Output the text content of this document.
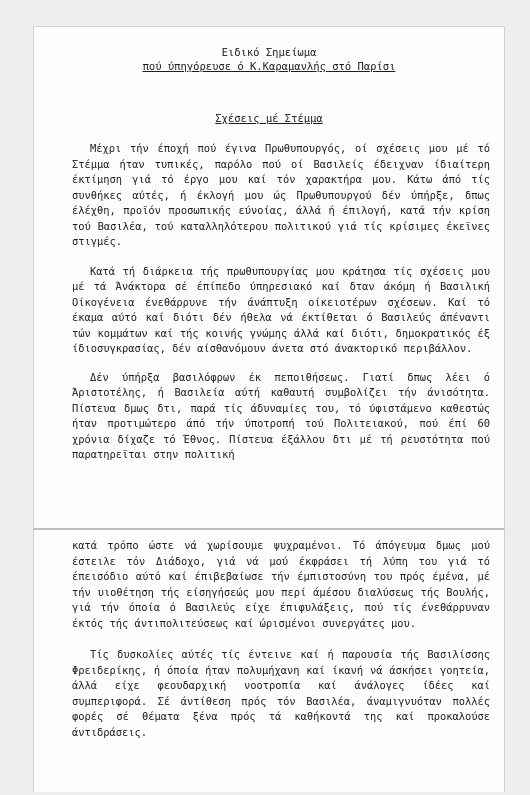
Ειδικό Σημείωμα

πού ύπηγόρευσε ό Κ.Καραμανλής στό Παρίσι

Σχέσεις μέ Στέμμα

Μέχρι τήν έποχή πού έγινα Πρωθυπουργός, οί σχέσεις μου μέ τό Στέμμα ήταν τυπικές, παρόλο πού οί Βασιλείς έδειχναν ίδιαίτερη έκτίμηση γιά τό έργο μου καί τόν χαρακτήρα μου. Κάτω άπό τίς συνθήκες αύτές, ή έκλογή μου ώς Πρωθυπουργού δέν ύπήρξε, δπως έλέχθη, προϊόν προσωπικής εύνοίας, άλλά ή έπιλογή, κατά τήν κρίση τού Βασιλέα, τού καταλληλότερου πολιτικού γιά τίς κρίσιμες έκεϊνες στιγμές.

Κατά τή διάρκεια τής πρωθυπουργίας μου κράτησα τίς σχέσεις μου μέ τά Άνάκτορα σέ έπίπεδο ύπηρεσιακό καί δταν άκόμη ή Βασιλική Οίκογένεια ένεθάρρυνε τήν άνάπτυξη οίκειοτέρων σχέσεων. Καί τό έκαμα αύτό καί διότι δέν ήθελα νά έκτίθεται ό Βασιλεύς άπέναντι τών κομμάτων καί τής κοινής γνώμης άλλά καί διότι, δημοκρατικός έξ ίδιοσυγκρασίας, δέν αίσθανόμουν άνετα στό άνακτορικό περιβάλλον.

Δέν ύπήρξα βασιλόφρων έκ πεποιθήσεως. Γιατί δπως λέει ό Άριστοτέλης, ή Βασιλεία αύτή καθαυτή συμβολίζει τήν άνισότητα. Πίστευα δμως δτι, παρά τίς άδυναμίες του, τό ύφιστάμενο καθεστώς ήταν προτιμώτερο άπό τήν ύποτροπή τού Πολιτειακού, πού έπί 60 χρόνια δίχαζε τό Έθνος. Πίστευα έξάλλου δτι μέ τή ρευστότητα πού παρατηρεϊται στην πολιτική

κατά τρόπο ώστε νά χωρίσουμε ψυχραμένοι. Τό άπόγευμα δμως μού έστειλε τόν Διάδοχο, γιά νά μού έκφράσει τή λύπη του γιά τό έπεισόδιο αύτό καί έπιβεβαίωσε τήν έμπιστοσύνη του πρός έμένα, μέ τήν υιοθέτηση τής είσηγήσεώς μου περί άμέσου διαλύσεως τής Βουλής, γιά τήν όποία ό Βασιλεύς είχε έπιφυλάξεις, πού τίς ένεθάρρυναν έκτός τής άντιπολιτεύσεως καί ώρισμένοι συνεργάτες μου.

Τίς δυσκολίες αύτές τίς έντεινε καί ή παρουσία τής Βασιλίσσης Φρειδερίκης, ή όποία ήταν πολυμήχανη καί ίκανή νά άσκήσει γοητεία, άλλά είχε φεουδαρχική νοοτροπία καί άνάλογες ίδέες καί συμπεριφορά. Σέ άντίθεση πρός τόν Βασιλέα, άναμιγνυόταν πολλές φορές σέ θέματα ξένα πρός τά καθήκοντά της καί προκαλούσε άντιδράσεις.
